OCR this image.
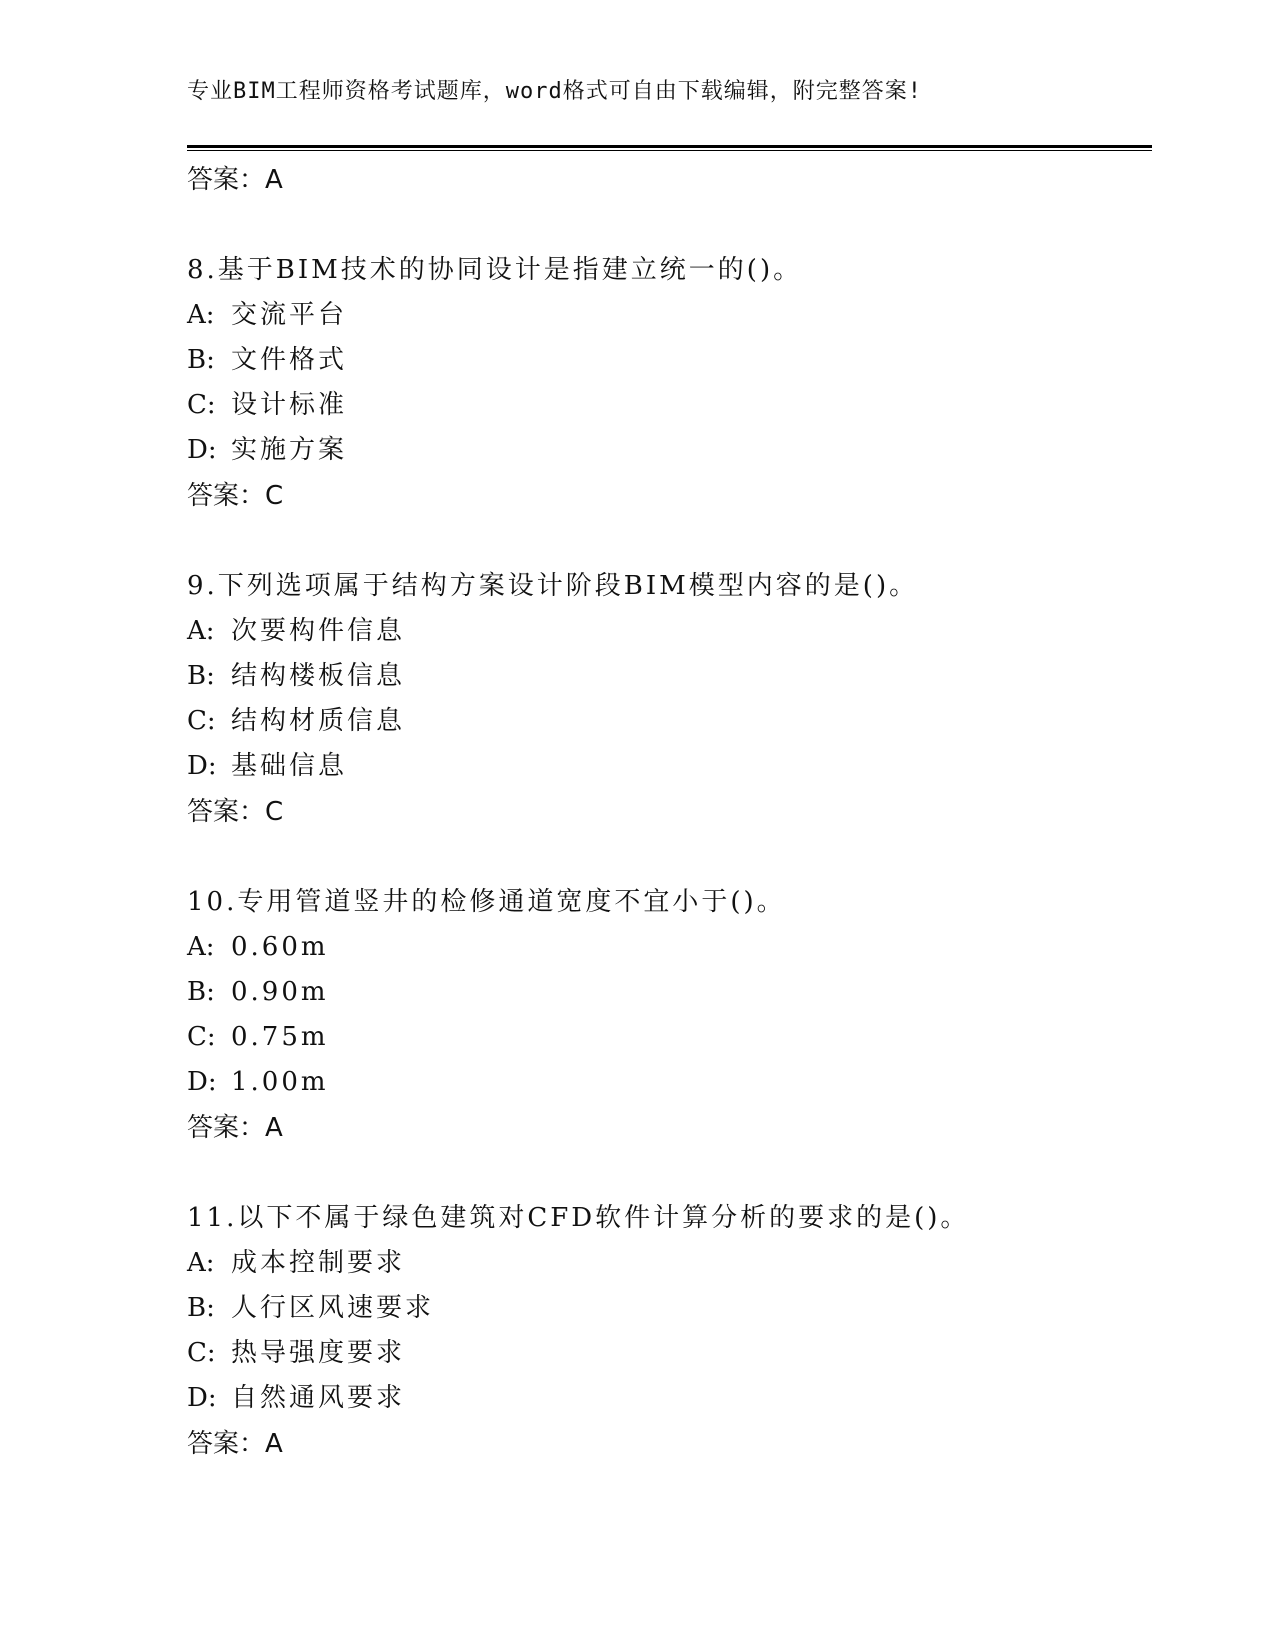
专业BIM工程师资格考试题库，word格式可自由下载编辑，附完整答案!
答案：A
8.基于BIM技术的协同设计是指建立统一的()。
A: 交流平台
B: 文件格式
C: 设计标准
D: 实施方案
答案：C
9.下列选项属于结构方案设计阶段BIM模型内容的是()。
A: 次要构件信息
B: 结构楼板信息
C: 结构材质信息
D: 基础信息
答案：C
10.专用管道竖井的检修通道宽度不宜小于()。
A: 0.60m
B: 0.90m
C: 0.75m
D: 1.00m
答案：A
11.以下不属于绿色建筑对CFD软件计算分析的要求的是()。
A: 成本控制要求
B: 人行区风速要求
C: 热导强度要求
D: 自然通风要求
答案：A
